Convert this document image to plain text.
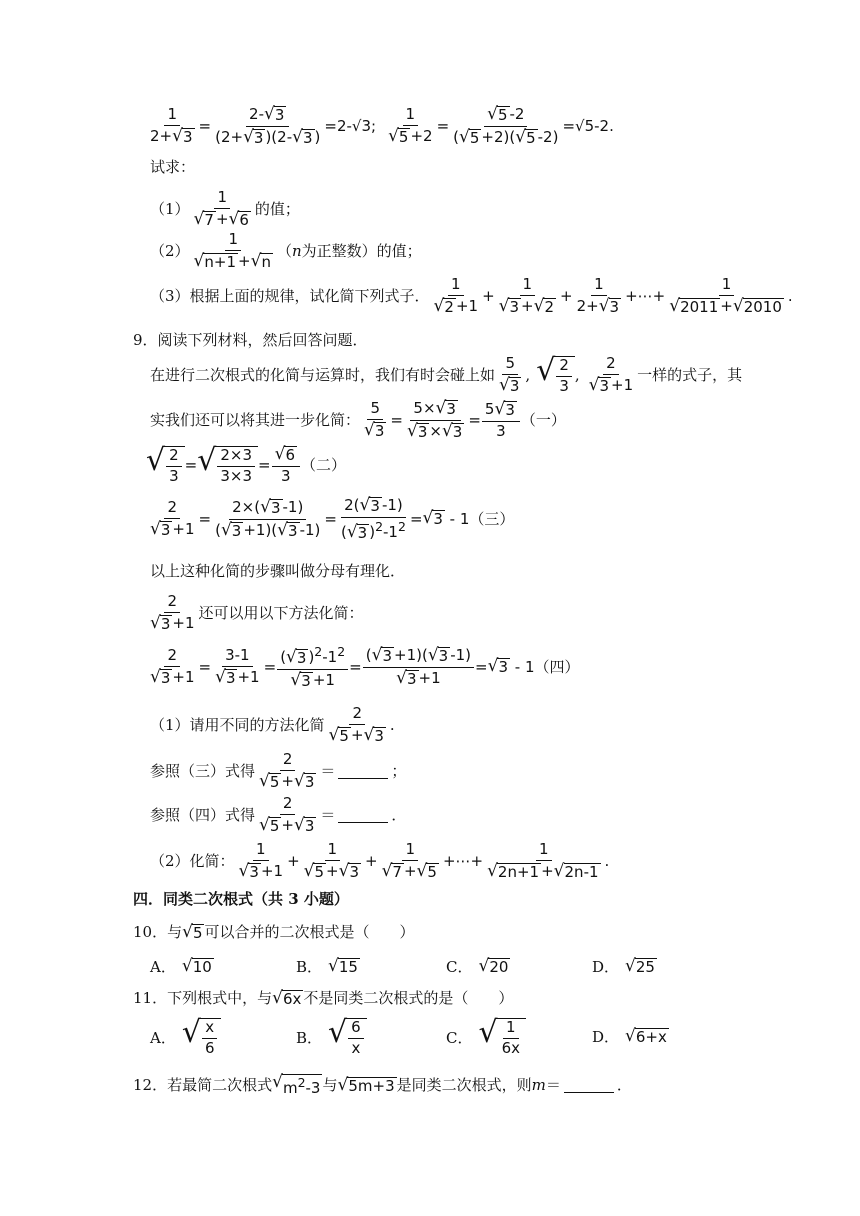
$\frac{1}{2+ √ 3} = \frac{2- √ 3}{(2+ √ 3 )(2- √ 3 )} =2-√3$; $\frac{1}{√ 5 +2} = \frac{√ 5 -2}{( √ 5 +2)( √ 5 -2)} =√5-2$.
试求：
$(1) \frac{1}{√ 7 + √ 6}$ 的值；
$(2) \frac{1}{√ n+1 + √ n}$ （ n 为正整数）的值；
（3）根据上面的规律，试化简下列式子． $\frac{1}{√ 2 +1} + \frac{1}{√ 3 + √ 2} + \frac{1}{2+ √ 3}$ +⋯+ $\frac{1}{√ 2011 + √ 2010}$ .
9．阅读下列材料，然后回答问题．
在进行二次根式的化简与运算时，我们有时会碰上如 $\frac{5}{√ 3}$ , √ $\frac{2}{3}$ , $\frac{2}{√ 3 +1}$ 一样的式子，其
实我们还可以将其进一步化简： $\frac{5}{√ 3} = \frac{5\times √ 3}{√ 3 \times √ 3} = \frac{5 √ 3}{3}$ （一）
√ $\frac{2}{3}$ = √ $\frac{2\times 3}{3\times 3} = \frac{√ 6}{3}$ （二）
$\frac{2}{√ 3 +1} = \frac{2\times( √ 3 -1)}{( √ 3 +1)( √ 3 -1)} = \frac{2( √ 3 -1)}{( √ 3 )^2-1^2}$ = √ 3 - 1 （三）
以上这种化简的步骤叫做分母有理化．
$\frac{2}{√ 3 +1}$ 还可以用以下方法化简：
$\frac{2}{√ 3 +1} = \frac{3-1}{√ 3 +1} = \frac{( √ 3 )^2-1^2}{√ 3 +1} = \frac{( √ 3 +1)( √ 3 -1)}{√ 3 +1}$ = √ 3 - 1 （四）
（1）请用不同的方法化简 $\frac{2}{√ 5 + √ 3}$ .
参照（三）式得 $\frac{2}{√ 5 + √ 3}$ ＝	；
参照（四）式得 $\frac{2}{√ 5 + √ 3}$ ＝	．
（2）化简： $\frac{1}{√ 3 +1} + \frac{1}{√ 5 + √ 3} + \frac{1}{√ 7 + √ 5}$ +⋯+ $\frac{1}{√ 2n+1 + √ 2n-1}$ .
四．同类二次根式（共 3 小题）
10．与 √ 5 可以合并的二次根式是（　　）
A． √ 10	B． √ 15	C． √ 20	D． √ 25
11．下列根式中，与 √ 6x 不是同类二次根式的是（　　）
A． √ $\frac{x}{6}$	B． √ $\frac{6}{x}$	C． √ $\frac{1}{6x}$	D． √ 6+x
12．若最简二次根式 √ $m^2-3$ 与 √ 5m+3 是同类二次根式，则 m ＝	．
